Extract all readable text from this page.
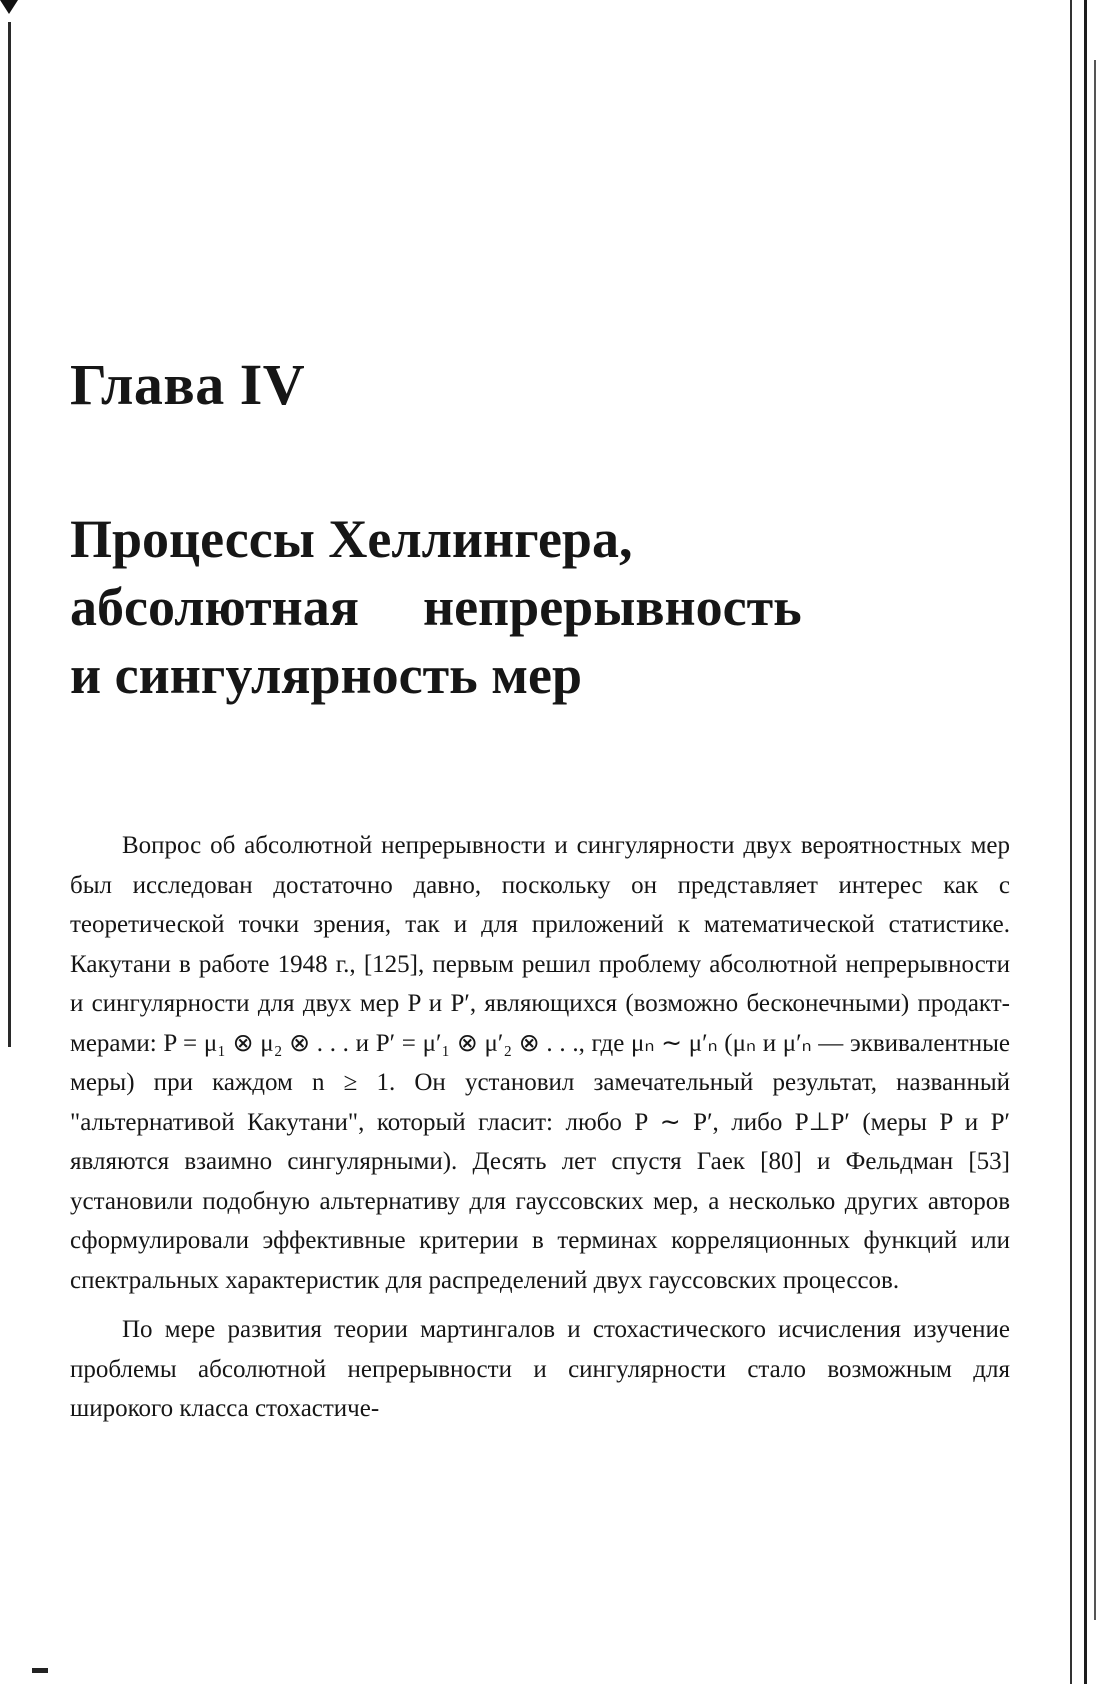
Глава IV
Процессы Хеллингера,
абсолютная непрерывность
и сингулярность мер

Вопрос об абсолютной непрерывности и сингулярности двух вероятностных мер был исследован достаточно давно, поскольку он представляет интерес как с теоретической точки зрения, так и для приложений к математической статистике. Какутани в работе 1948 г., [125], первым решил проблему абсолютной непрерывности и сингулярности для двух мер P и P′, являющихся (возможно бесконечными) продакт-мерами: P = μ₁ ⊗ μ₂ ⊗ . . . и P′ = μ′₁ ⊗ μ′₂ ⊗ . . ., где μₙ ∼ μ′ₙ (μₙ и μ′ₙ — эквивалентные меры) при каждом n ≥ 1. Он установил замечательный результат, названный "альтернативой Какутани", который гласит: любо P ∼ P′, либо P⊥P′ (меры P и P′ являются взаимно сингулярными). Десять лет спустя Гаек [80] и Фельдман [53] установили подобную альтернативу для гауссовских мер, а несколько других авторов сформулировали эффективные критерии в терминах корреляционных функций или спектральных характеристик для распределений двух гауссовских процессов.

По мере развития теории мартингалов и стохастического исчисления изучение проблемы абсолютной непрерывности и сингулярности стало возможным для широкого класса стохастиче-
